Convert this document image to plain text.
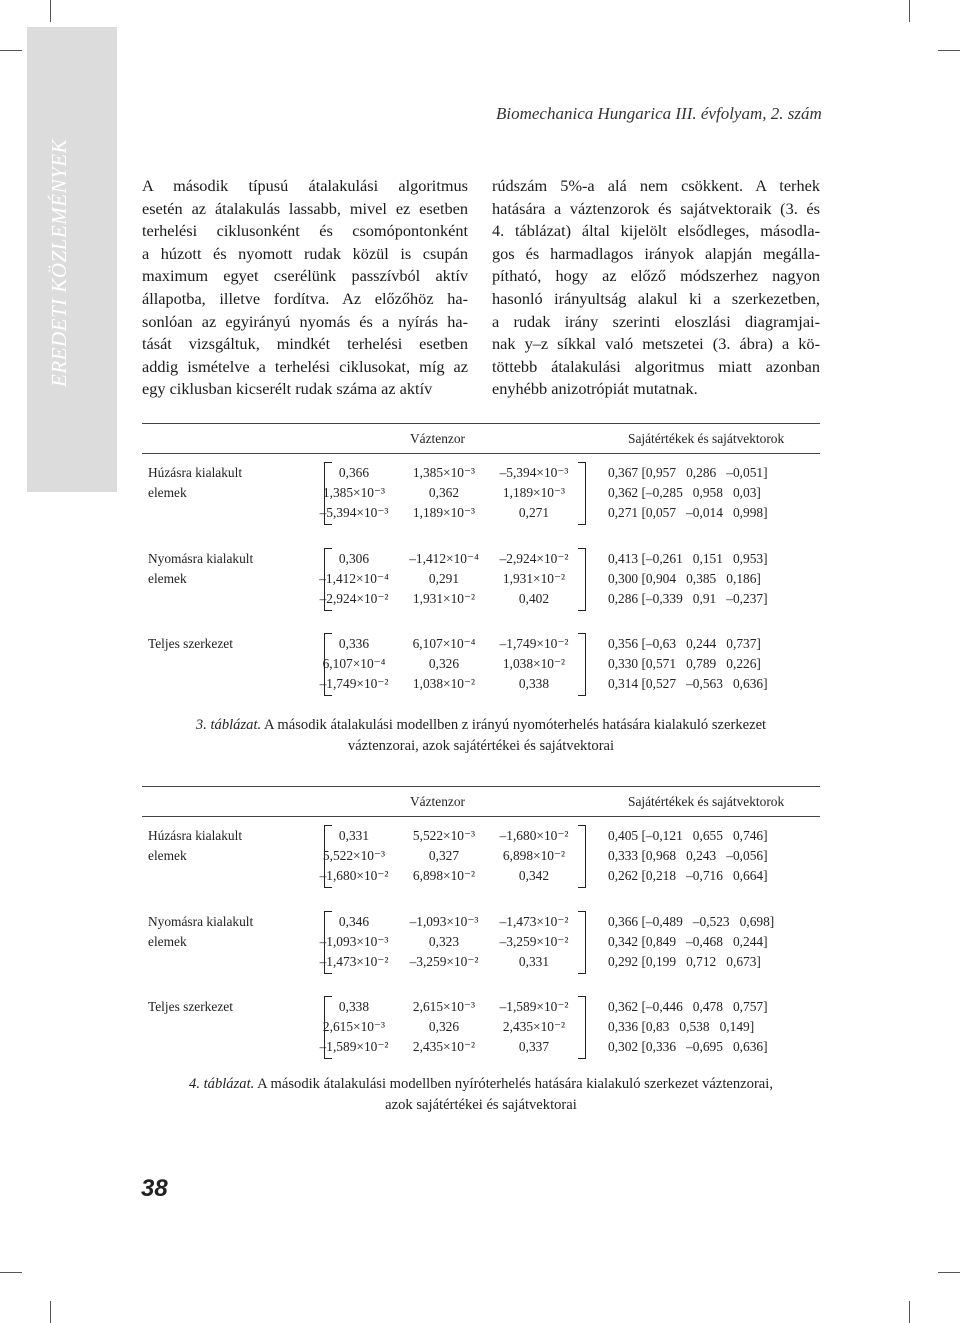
EREDETI KÖZLEMÉNYEK
Biomechanica Hungarica III. évfolyam, 2. szám
A második típusú átalakulási algoritmus
esetén az átalakulás lassabb, mivel ez esetben
terhelési ciklusonként és csomópontonként
a húzott és nyomott rudak közül is csupán
maximum egyet cserélünk passzívból aktív
állapotba, illetve fordítva. Az előzőhöz ha-
sonlóan az egyirányú nyomás és a nyírás ha-
tását vizsgáltuk, mindkét terhelési esetben
addig ismételve a terhelési ciklusokat, míg az
egy ciklusban kicserélt rudak száma az aktív
rúdszám 5%-a alá nem csökkent. A terhek
hatására a váztenzorok és sajátvektoraik (3. és
4. táblázat) által kijelölt elsődleges, másodla-
gos és harmadlagos irányok alapján megálla-
pítható, hogy az előző módszerhez nagyon
hasonló irányultság alakul ki a szerkezetben,
a rudak irány szerinti eloszlási diagramjai-
nak y–z síkkal való metszetei (3. ábra) a kö-
töttebb átalakulási algoritmus miatt azonban
enyhébb anizotrópiát mutatnak.
Váztenzor	Sajátértékek és sajátvektorok
Húzásra kialakult
elemek
0,366	1,385×10⁻³	–5,394×10⁻³	0,367 [0,957   0,286   –0,051]
1,385×10⁻³	0,362	1,189×10⁻³	0,362 [–0,285   0,958   0,03]
–5,394×10⁻³	1,189×10⁻³	0,271	0,271 [0,057   –0,014   0,998]
Nyomásra kialakult
elemek
0,306	–1,412×10⁻⁴	–2,924×10⁻²	0,413 [–0,261   0,151   0,953]
–1,412×10⁻⁴	0,291	1,931×10⁻²	0,300 [0,904   0,385   0,186]
–2,924×10⁻²	1,931×10⁻²	0,402	0,286 [–0,339   0,91   –0,237]
Teljes szerkezet	0,336	6,107×10⁻⁴	–1,749×10⁻²	0,356 [–0,63   0,244   0,737]
6,107×10⁻⁴	0,326	1,038×10⁻²	0,330 [0,571   0,789   0,226]
–1,749×10⁻²	1,038×10⁻²	0,338	0,314 [0,527   –0,563   0,636]
3. táblázat. A második átalakulási modellben z irányú nyomóterhelés hatására kialakuló szerkezet
váztenzorai, azok sajátértékei és sajátvektorai
Váztenzor	Sajátértékek és sajátvektorok
Húzásra kialakult
elemek
0,331	5,522×10⁻³	–1,680×10⁻²	0,405 [–0,121   0,655   0,746]
5,522×10⁻³	0,327	6,898×10⁻²	0,333 [0,968   0,243   –0,056]
–1,680×10⁻²	6,898×10⁻²	0,342	0,262 [0,218   –0,716   0,664]
Nyomásra kialakult
elemek
0,346	–1,093×10⁻³	–1,473×10⁻²	0,366 [–0,489   –0,523   0,698]
–1,093×10⁻³	0,323	–3,259×10⁻²	0,342 [0,849   –0,468   0,244]
–1,473×10⁻²	–3,259×10⁻²	0,331	0,292 [0,199   0,712   0,673]
Teljes szerkezet	0,338	2,615×10⁻³	–1,589×10⁻²	0,362 [–0,446   0,478   0,757]
2,615×10⁻³	0,326	2,435×10⁻²	0,336 [0,83   0,538   0,149]
–1,589×10⁻²	2,435×10⁻²	0,337	0,302 [0,336   –0,695   0,636]
4. táblázat. A második átalakulási modellben nyíróterhelés hatására kialakuló szerkezet váztenzorai,
azok sajátértékei és sajátvektorai
38
